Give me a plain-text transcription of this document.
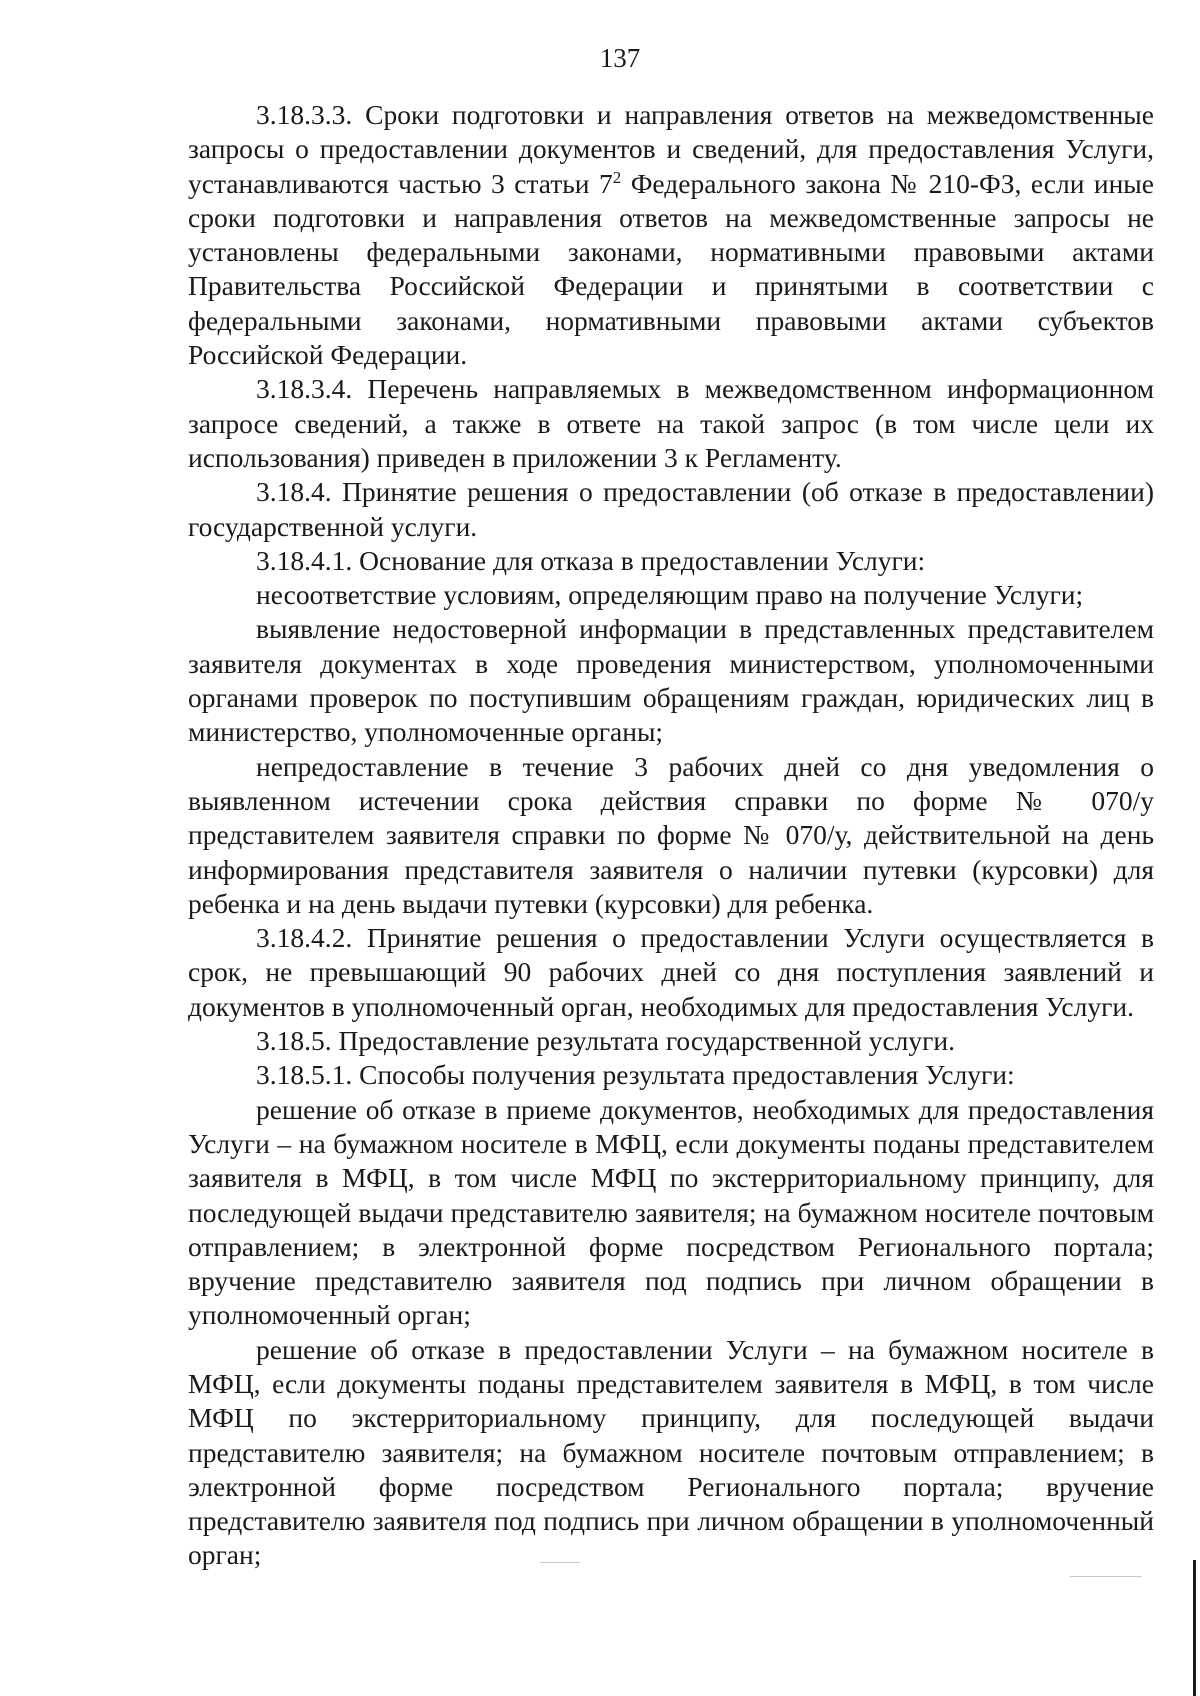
137

3.18.3.3. Сроки подготовки и направления ответов на межведомственные запросы о предоставлении документов и сведений, для предоставления Услуги, устанавливаются частью 3 статьи $7^2$ Федерального закона № 210-ФЗ, если иные сроки подготовки и направления ответов на межведомственные запросы не установлены федеральными законами, нормативными правовыми актами Правительства Российской Федерации и принятыми в соответствии с федеральными законами, нормативными правовыми актами субъектов Российской Федерации.

3.18.3.4. Перечень направляемых в межведомственном информационном запросе сведений, а также в ответе на такой запрос (в том числе цели их использования) приведен в приложении 3 к Регламенту.

3.18.4. Принятие решения о предоставлении (об отказе в предоставлении) государственной услуги.

3.18.4.1. Основание для отказа в предоставлении Услуги:

несоответствие условиям, определяющим право на получение Услуги;

выявление недостоверной информации в представленных представителем заявителя документах в ходе проведения министерством, уполномоченными органами проверок по поступившим обращениям граждан, юридических лиц в министерство, уполномоченные органы;

непредоставление в течение 3 рабочих дней со дня уведомления о выявленном истечении срока действия справки по форме № 070/у представителем заявителя справки по форме № 070/у, действительной на день информирования представителя заявителя о наличии путевки (курсовки) для ребенка и на день выдачи путевки (курсовки) для ребенка.

3.18.4.2. Принятие решения о предоставлении Услуги осуществляется в срок, не превышающий 90 рабочих дней со дня поступления заявлений и документов в уполномоченный орган, необходимых для предоставления Услуги.

3.18.5. Предоставление результата государственной услуги.

3.18.5.1. Способы получения результата предоставления Услуги:

решение об отказе в приеме документов, необходимых для предоставления Услуги – на бумажном носителе в МФЦ, если документы поданы представителем заявителя в МФЦ, в том числе МФЦ по экстерриториальному принципу, для последующей выдачи представителю заявителя; на бумажном носителе почтовым отправлением; в электронной форме посредством Регионального портала; вручение представителю заявителя под подпись при личном обращении в уполномоченный орган;

решение об отказе в предоставлении Услуги – на бумажном носителе в МФЦ, если документы поданы представителем заявителя в МФЦ, в том числе МФЦ по экстерриториальному принципу, для последующей выдачи представителю заявителя; на бумажном носителе почтовым отправлением; в электронной форме посредством Регионального портала; вручение представителю заявителя под подпись при личном обращении в уполномоченный орган;
